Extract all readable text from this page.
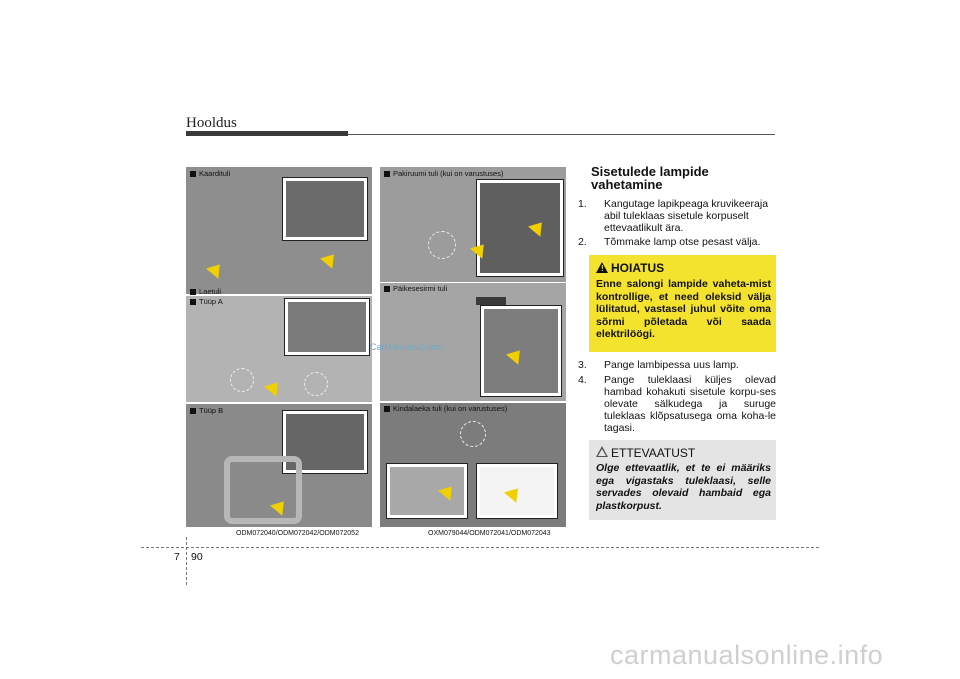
Hooldus
Kaardituli
Laetuli
Tüüp A
Tüüp B
ODM072040/ODM072042/ODM072052
Pakiruumi tuli (kui on varustuses)
Päikesesirmi tuli
Kindalaeka tuli (kui on varustuses)
OXM079044/ODM072041/ODM072043
CarManuals2.com
Sisetulede lampide vahetamine
1. Kangutage lapikpeaga kruvikeeraja abil tuleklaas sisetule korpuselt ettevaatlikult ära.
2. Tõmmake lamp otse pesast välja.
! HOIATUS
Enne salongi lampide vaheta-mist kontrollige, et need oleksid välja lülitatud, vastasel juhul võite oma sõrmi põletada või saada elektrilöögi.
3. Pange lambipessa uus lamp.
4. Pange tuleklaasi küljes olevad hambad kohakuti sisetule korpu-ses olevate sälkudega ja suruge tuleklaas klõpsatusega oma koha-le tagasi.
ETTEVAATUST
Olge ettevaatlik, et te ei määriks ega vigastaks tuleklaasi, selle servades olevaid hambaid ega plastkorpust.
7 90
carmanualsonline.info
